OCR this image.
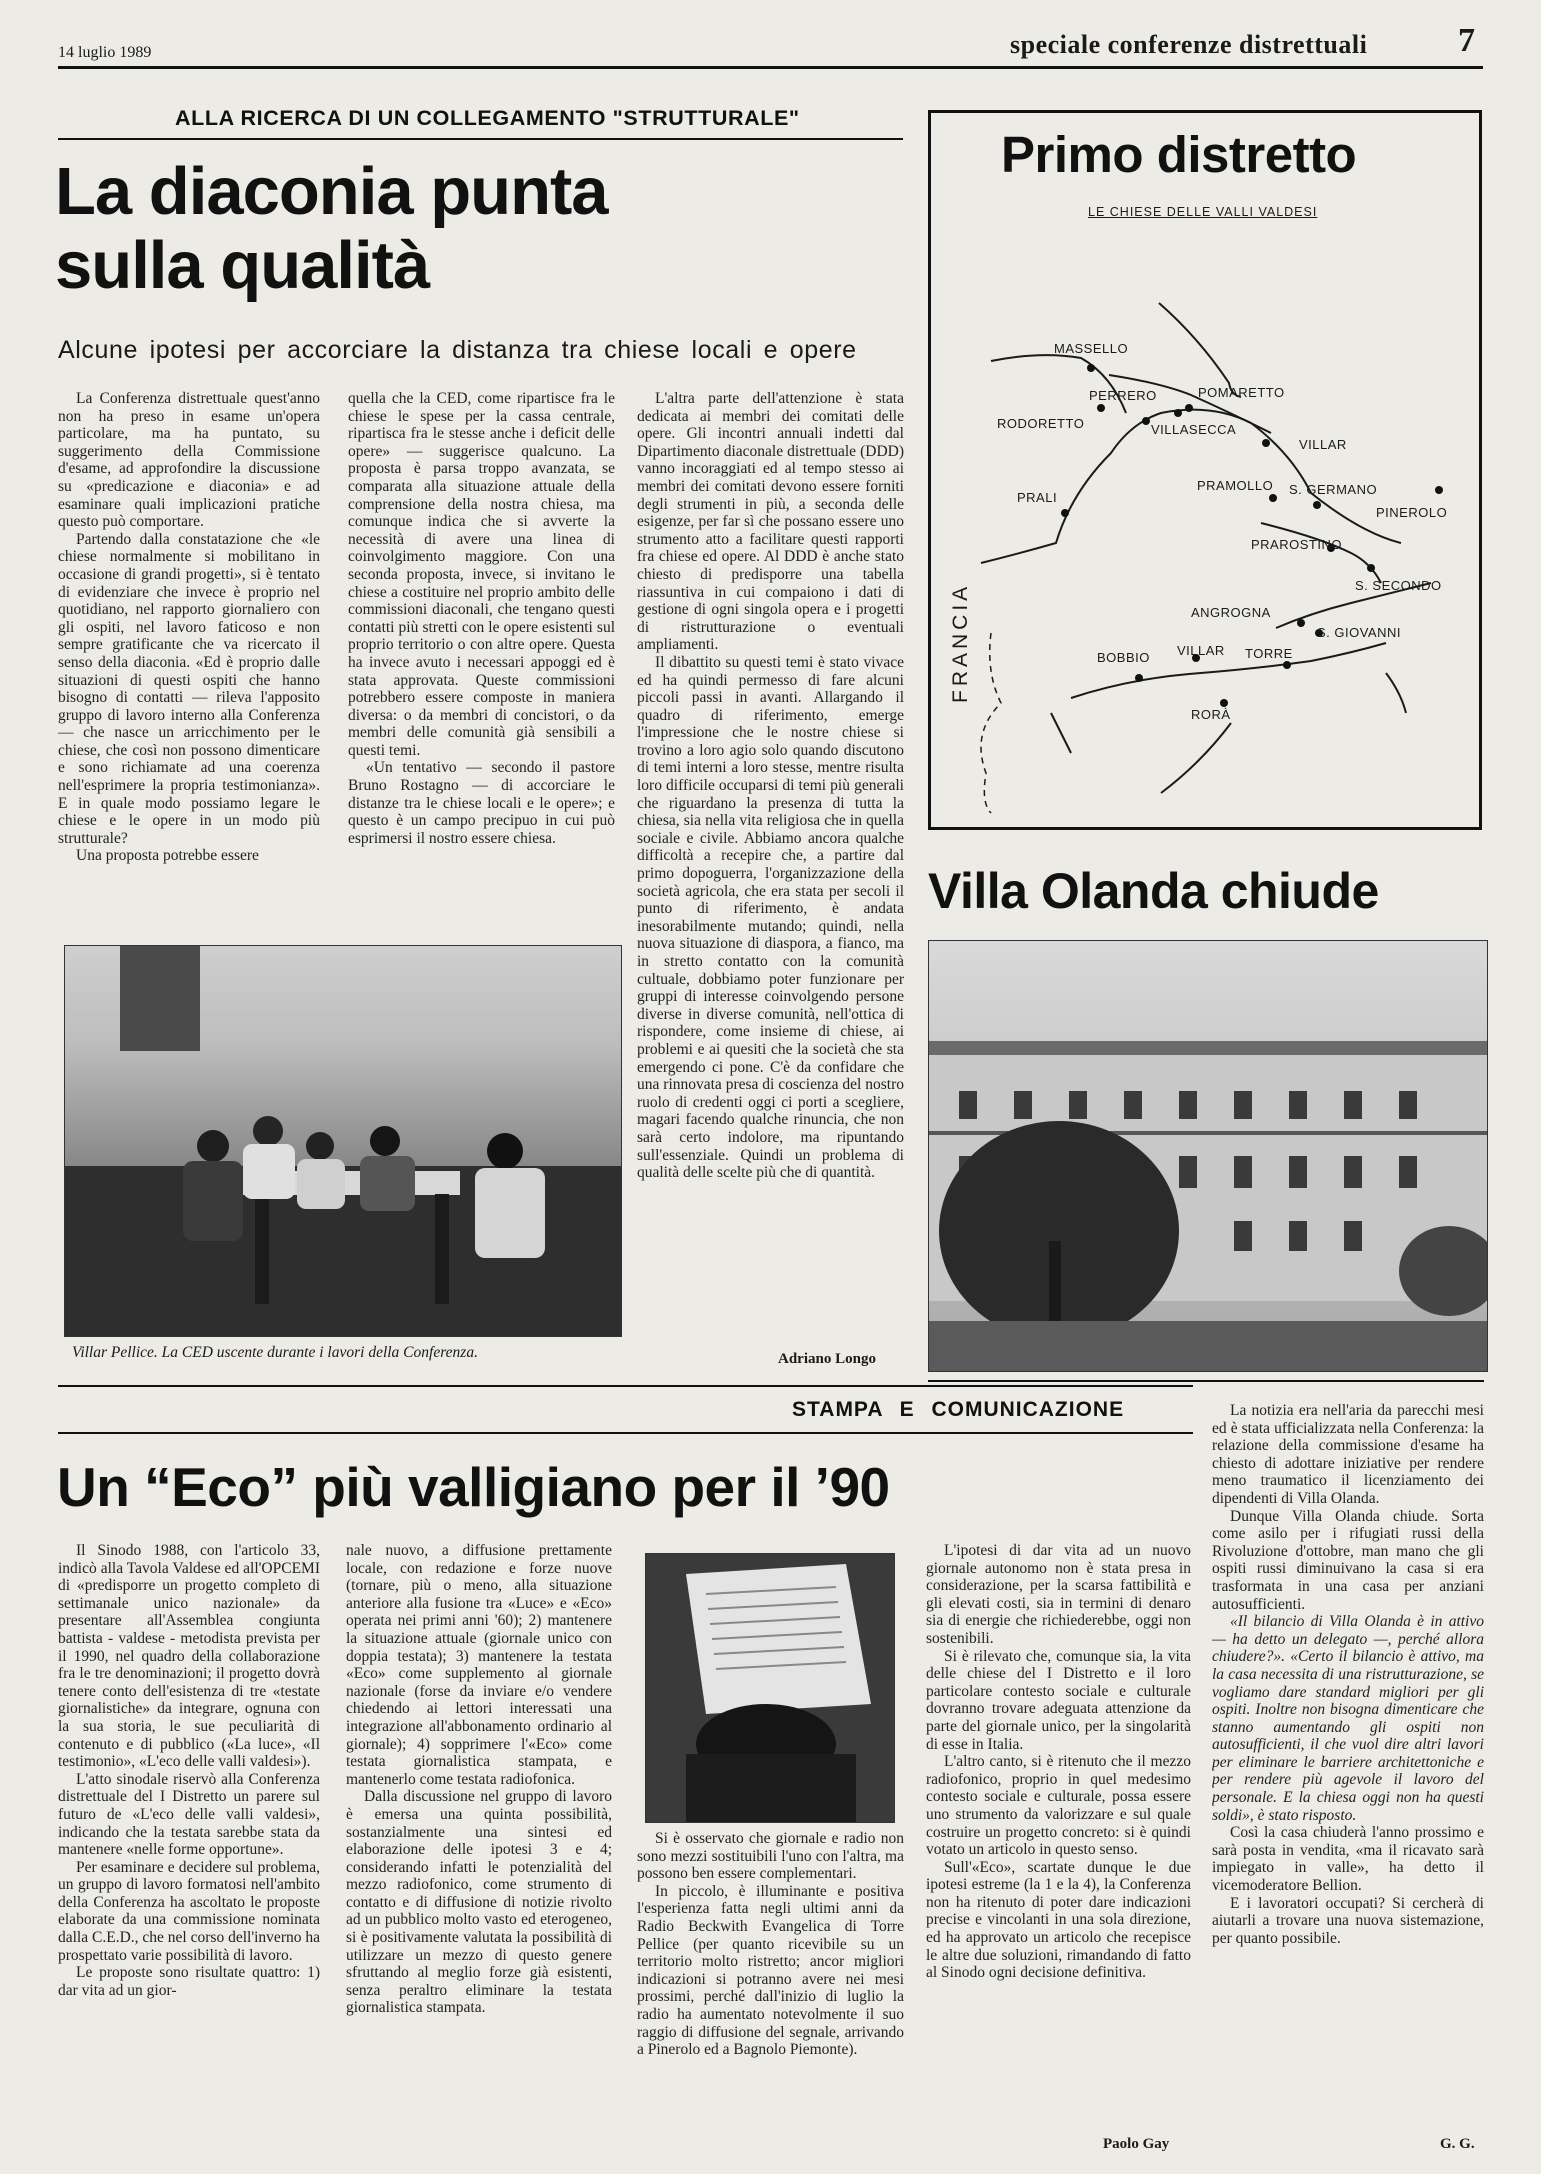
14 luglio 1989	speciale conferenze distrettuali	7
ALLA RICERCA DI UN COLLEGAMENTO "STRUTTURALE"
La diaconia punta
sulla qualità
Alcune ipotesi per accorciare la distanza tra chiese locali e opere

La Conferenza distrettuale quest'anno non ha preso in esame un'opera particolare, ma ha puntato, su suggerimento della Commissione d'esame, ad approfondire la discussione su «predicazione e diaconia» e ad esaminare quali implicazioni pratiche questo può comportare.

Partendo dalla constatazione che «le chiese normalmente si mobilitano in occasione di grandi progetti», si è tentato di evidenziare che invece è proprio nel quotidiano, nel rapporto giornaliero con gli ospiti, nel lavoro faticoso e non sempre gratificante che va ricercato il senso della diaconia. «Ed è proprio dalle situazioni di questi ospiti che hanno bisogno di contatti — rileva l'apposito gruppo di lavoro interno alla Conferenza — che nasce un arricchimento per le chiese, che così non possono dimenticare e sono richiamate ad una coerenza nell'esprimere la propria testimonianza». E in quale modo possiamo legare le chiese e le opere in un modo più strutturale?

Una proposta potrebbe essere

quella che la CED, come ripartisce fra le chiese le spese per la cassa centrale, ripartisca fra le stesse anche i deficit delle opere» — suggerisce qualcuno. La proposta è parsa troppo avanzata, se comparata alla situazione attuale della comprensione della nostra chiesa, ma comunque indica che si avverte la necessità di avere una linea di coinvolgimento maggiore. Con una seconda proposta, invece, si invitano le chiese a costituire nel proprio ambito delle commissioni diaconali, che tengano questi contatti più stretti con le opere esistenti sul proprio territorio o con altre opere. Questa ha invece avuto i necessari appoggi ed è stata approvata. Queste commissioni potrebbero essere composte in maniera diversa: o da membri di concistori, o da membri delle comunità già sensibili a questi temi.

«Un tentativo — secondo il pastore Bruno Rostagno — di accorciare le distanze tra le chiese locali e le opere»; e questo è un campo precipuo in cui può esprimersi il nostro essere chiesa.

L'altra parte dell'attenzione è stata dedicata ai membri dei comitati delle opere. Gli incontri annuali indetti dal Dipartimento diaconale distrettuale (DDD) vanno incoraggiati ed al tempo stesso ai membri dei comitati devono essere forniti degli strumenti in più, a seconda delle esigenze, per far sì che possano essere uno strumento atto a facilitare questi rapporti fra chiese ed opere. Al DDD è anche stato chiesto di predisporre una tabella riassuntiva in cui compaiono i dati di gestione di ogni singola opera e i progetti di ristrutturazione o eventuali ampliamenti.

Il dibattito su questi temi è stato vivace ed ha quindi permesso di fare alcuni piccoli passi in avanti. Allargando il quadro di riferimento, emerge l'impressione che le nostre chiese si trovino a loro agio solo quando discutono di temi interni a loro stesse, mentre risulta loro difficile occuparsi di temi più generali che riguardano la presenza di tutta la chiesa, sia nella vita religiosa che in quella sociale e civile. Abbiamo ancora qualche difficoltà a recepire che, a partire dal primo dopoguerra, l'organizzazione della società agricola, che era stata per secoli il punto di riferimento, è andata inesorabilmente mutando; quindi, nella nuova situazione di diaspora, a fianco, ma in stretto contatto con la comunità cultuale, dobbiamo poter funzionare per gruppi di interesse coinvolgendo persone diverse in diverse comunità, nell'ottica di rispondere, come insieme di chiese, ai problemi e ai quesiti che la società che sta emergendo ci pone. C'è da confidare che una rinnovata presa di coscienza del nostro ruolo di credenti oggi ci porti a scegliere, magari facendo qualche rinuncia, che non sarà certo indolore, ma ripuntando sull'essenziale. Quindi un problema di qualità delle scelte più che di quantità.

Villar Pellice. La CED uscente durante i lavori della Conferenza.	Adriano Longo
Primo distretto
LE CHIESE DELLE VALLI VALDESI
MASSELLO
PERRERO	POMARETTO
RODORETTO	VILLASECCA
VILLAR
PRALI
PRAMOLLO S. GERMANO
PINEROLO
PRAROSTINO
S. SECONDO
ANGROGNA
S. GIOVANNI
BOBBIO VILLAR TORRE
RORÀ
FRANCIA
Villa Olanda chiude

La notizia era nell'aria da parecchi mesi ed è stata ufficializzata nella Conferenza: la relazione della commissione d'esame ha chiesto di adottare iniziative per rendere meno traumatico il licenziamento dei dipendenti di Villa Olanda.

Dunque Villa Olanda chiude. Sorta come asilo per i rifugiati russi della Rivoluzione d'ottobre, man mano che gli ospiti russi diminuivano la casa si era trasformata in una casa per anziani autosufficienti.

«Il bilancio di Villa Olanda è in attivo — ha detto un delegato —, perché allora chiudere?». «Certo il bilancio è attivo, ma la casa necessita di una ristrutturazione, se vogliamo dare standard migliori per gli ospiti. Inoltre non bisogna dimenticare che stanno aumentando gli ospiti non autosufficienti, il che vuol dire altri lavori per eliminare le barriere architettoniche e per rendere più agevole il lavoro del personale. E la chiesa oggi non ha questi soldi», è stato risposto.

Così la casa chiuderà l'anno prossimo e sarà posta in vendita, «ma il ricavato sarà impiegato in valle», ha detto il vicemoderatore Bellion.

E i lavoratori occupati? Si cercherà di aiutarli a trovare una nuova sistemazione, per quanto possibile.

G. G.
STAMPA E COMUNICAZIONE
Un “Eco” più valligiano per il ’90

Il Sinodo 1988, con l'articolo 33, indicò alla Tavola Valdese ed all'OPCEMI di «predisporre un progetto completo di settimanale unico nazionale» da presentare all'Assemblea congiunta battista - valdese - metodista prevista per il 1990, nel quadro della collaborazione fra le tre denominazioni; il progetto dovrà tenere conto dell'esistenza di tre «testate giornalistiche» da integrare, ognuna con la sua storia, le sue peculiarità di contenuto e di pubblico («La luce», «Il testimonio», «L'eco delle valli valdesi»).

L'atto sinodale riservò alla Conferenza distrettuale del I Distretto un parere sul futuro de «L'eco delle valli valdesi», indicando che la testata sarebbe stata da mantenere «nelle forme opportune».

Per esaminare e decidere sul problema, un gruppo di lavoro formatosi nell'ambito della Conferenza ha ascoltato le proposte elaborate da una commissione nominata dalla C.E.D., che nel corso dell'inverno ha prospettato varie possibilità di lavoro.

Le proposte sono risultate quattro: 1) dar vita ad un gior-

nale nuovo, a diffusione prettamente locale, con redazione e forze nuove (tornare, più o meno, alla situazione anteriore alla fusione tra «Luce» e «Eco» operata nei primi anni '60); 2) mantenere la situazione attuale (giornale unico con doppia testata); 3) mantenere la testata «Eco» come supplemento al giornale nazionale (forse da inviare e/o vendere chiedendo ai lettori interessati una integrazione all'abbonamento ordinario al giornale); 4) sopprimere l'«Eco» come testata giornalistica stampata, e mantenerlo come testata radiofonica.

Dalla discussione nel gruppo di lavoro è emersa una quinta possibilità, sostanzialmente una sintesi ed elaborazione delle ipotesi 3 e 4; considerando infatti le potenzialità del mezzo radiofonico, come strumento di contatto e di diffusione di notizie rivolto ad un pubblico molto vasto ed eterogeneo, si è positivamente valutata la possibilità di utilizzare un mezzo di questo genere sfruttando al meglio forze già esistenti, senza peraltro eliminare la testata giornalistica stampata.

Si è osservato che giornale e radio non sono mezzi sostituibili l'uno con l'altra, ma possono ben essere complementari.

In piccolo, è illuminante e positiva l'esperienza fatta negli ultimi anni da Radio Beckwith Evangelica di Torre Pellice (per quanto ricevibile su un territorio molto ristretto; ancor migliori indicazioni si potranno avere nei mesi prossimi, perché dall'inizio di luglio la radio ha aumentato notevolmente il suo raggio di diffusione del segnale, arrivando a Pinerolo ed a Bagnolo Piemonte).

L'ipotesi di dar vita ad un nuovo giornale autonomo non è stata presa in considerazione, per la scarsa fattibilità e gli elevati costi, sia in termini di denaro sia di energie che richiederebbe, oggi non sostenibili.

Si è rilevato che, comunque sia, la vita delle chiese del I Distretto e il loro particolare contesto sociale e culturale dovranno trovare adeguata attenzione da parte del giornale unico, per la singolarità di esse in Italia.

L'altro canto, si è ritenuto che il mezzo radiofonico, proprio in quel medesimo contesto sociale e culturale, possa essere uno strumento da valorizzare e sul quale costruire un progetto concreto: si è quindi votato un articolo in questo senso.

Sull'«Eco», scartate dunque le due ipotesi estreme (la 1 e la 4), la Conferenza non ha ritenuto di poter dare indicazioni precise e vincolanti in una sola direzione, ed ha approvato un articolo che recepisce le altre due soluzioni, rimandando di fatto al Sinodo ogni decisione definitiva.

Paolo Gay
